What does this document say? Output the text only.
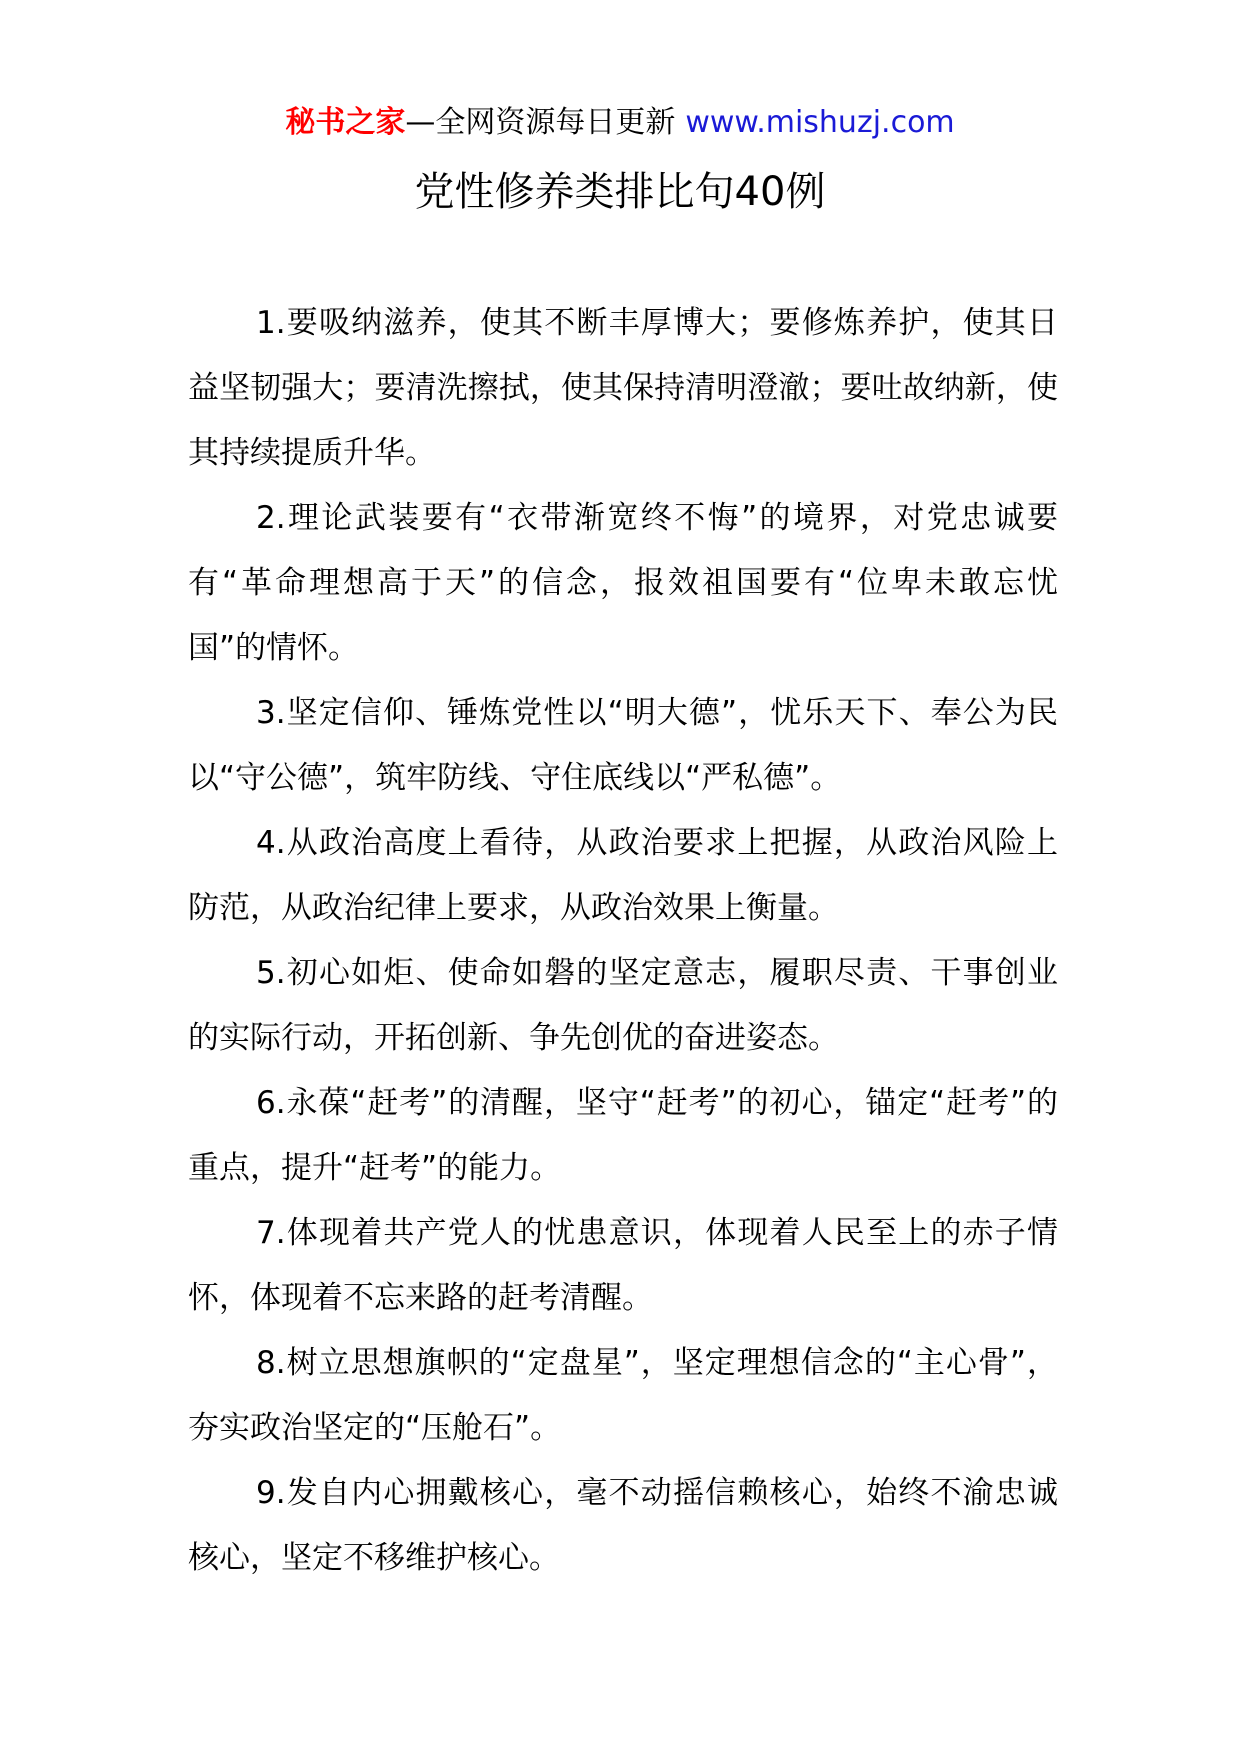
秘书之家—全网资源每日更新 www.mishuzj.com
党性修养类排比句40例

1.要吸纳滋养，使其不断丰厚博大；要修炼养护，使其日益坚韧强大；要清洗擦拭，使其保持清明澄澈；要吐故纳新，使其持续提质升华。

2.理论武装要有“衣带渐宽终不悔”的境界，对党忠诚要有“革命理想高于天”的信念，报效祖国要有“位卑未敢忘忧国”的情怀。

3.坚定信仰、锤炼党性以“明大德”，忧乐天下、奉公为民以“守公德”，筑牢防线、守住底线以“严私德”。

4.从政治高度上看待，从政治要求上把握，从政治风险上防范，从政治纪律上要求，从政治效果上衡量。

5.初心如炬、使命如磐的坚定意志，履职尽责、干事创业的实际行动，开拓创新、争先创优的奋进姿态。

6.永葆“赶考”的清醒，坚守“赶考”的初心，锚定“赶考”的重点，提升“赶考”的能力。

7.体现着共产党人的忧患意识，体现着人民至上的赤子情怀，体现着不忘来路的赶考清醒。

8.树立思想旗帜的“定盘星”，坚定理想信念的“主心骨”，夯实政治坚定的“压舱石”。

9.发自内心拥戴核心，毫不动摇信赖核心，始终不渝忠诚核心，坚定不移维护核心。
